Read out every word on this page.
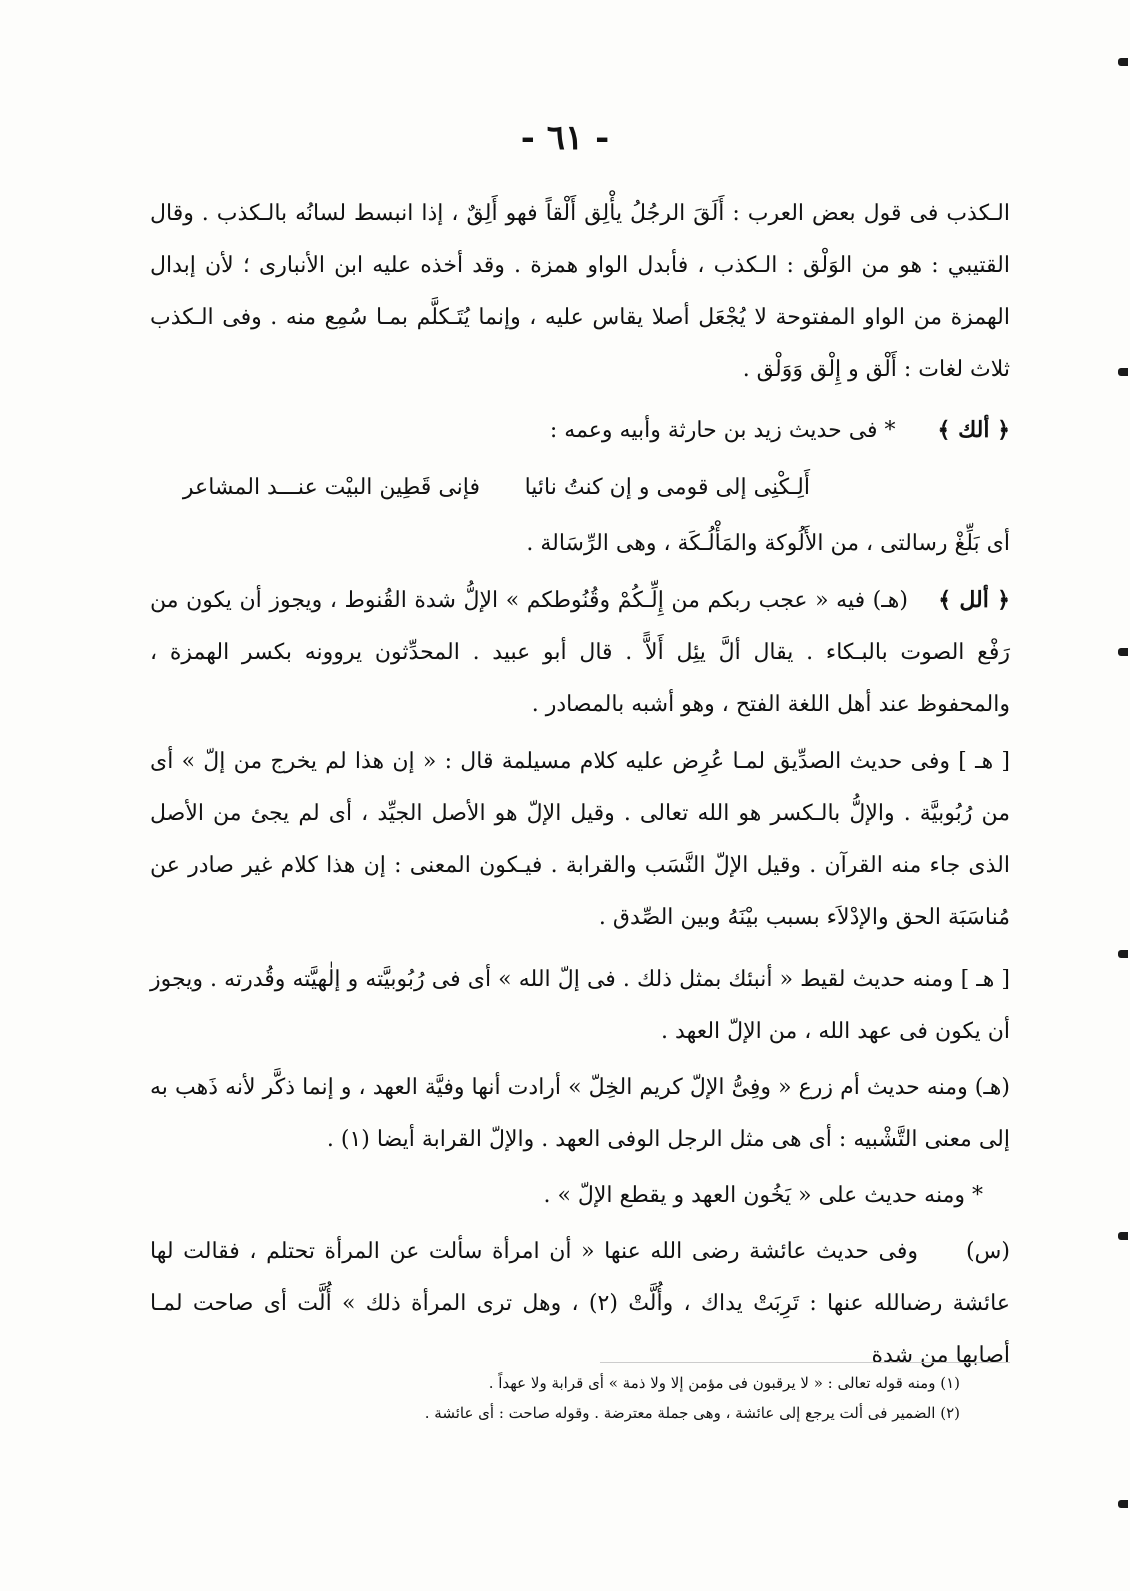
- ٦١ -

الـكذب فى قول بعض العرب : أَلَقَ الرجُلُ يأْلِق أَلْقاً فهو أَلِقٌ ، إذا انبسط لسانُه بالـكذب . وقال القتيبي : هو من الوَلْق : الـكذب ، فأبدل الواو همزة . وقد أخذه عليه ابن الأنبارى ؛ لأن إبدال الهمزة من الواو المفتوحة لا يُجْعَل أصلا يقاس عليه ، وإنما يُتَـكلَّم بمـا سُمِع منه . وفى الـكذب ثلاث لغات : أَلْق و إِلْق وَوَلْق .

﴿ ألك ﴾      * فى حديث زيد بن حارثة وأبيه وعمه :

أَلِـكْنِى إلى قومى و إن كنتُ نائيا
فإنى قَطِين البيْت عنـــد المشاعر

أى بَلِّغْ رسالتى ، من الأَلُوكة والمَأْلُـكَة ، وهى الرِّسَالة .

﴿ ألل ﴾    (هـ) فيه « عجب ربكم من إِلِّـكُمْ وقُنُوطكم » الإلُّ شدة القُنوط ، ويجوز أن يكون من رَفْع الصوت بالبـكاء . يقال ألَّ يئِل أَلاًّ . قال أبو عبيد . المحدِّثون يروونه بكسر الهمزة ، والمحفوظ عند أهل اللغة الفتح ، وهو أشبه بالمصادر .

[ هـ ] وفى حديث الصدِّيق لمـا عُرِض عليه كلام مسيلمة قال : « إن هذا لم يخرج من إلّ » أى من رُبُوبيَّة . والإلُّ بالـكسر هو الله تعالى . وقيل الإلّ هو الأصل الجيِّد ، أى لم يجئ من الأصل الذى جاء منه القرآن . وقيل الإلّ النَّسَب والقرابة . فيـكون المعنى : إن هذا كلام غير صادر عن مُناسَبَة الحق والإدْلاَء بسبب بيْنَهُ وبين الصِّدق .

[ هـ ] ومنه حديث لقيط « أنبئك بمثل ذلك . فى إلّ الله » أى فى رُبُوبيَّته و إلٰهيَّته وقُدرته . ويجوز أن يكون فى عهد الله ، من الإلّ العهد .

(هـ) ومنه حديث أم زرع « وفِىُّ الإلّ كريم الخِلّ » أرادت أنها وفيَّة العهد ، و إنما ذكَّر لأنه ذَهب به إلى معنى التَّشْبيه : أى هى مثل الرجل الوفى العهد . والإلّ القرابة أيضا (١) .

* ومنه حديث على « يَخُون العهد و يقطع الإلّ » .

(س)     وفى حديث عائشة رضى الله عنها « أن امرأة سألت عن المرأة تحتلم ، فقالت لها عائشة رضىالله عنها : تَرِبَتْ يداك ، وأُلَّتْ (٢) ، وهل ترى المرأة ذلك » أُلَّت أى صاحت لمـا أصابها من شدة

(١) ومنه قوله تعالى : « لا يرقبون فى مؤمن إلا ولا ذمة » أى قرابة ولا عهداً .

(٢) الضمير فى ألت يرجع إلى عائشة ، وهى جملة معترضة . وقوله صاحت : أى عائشة .
